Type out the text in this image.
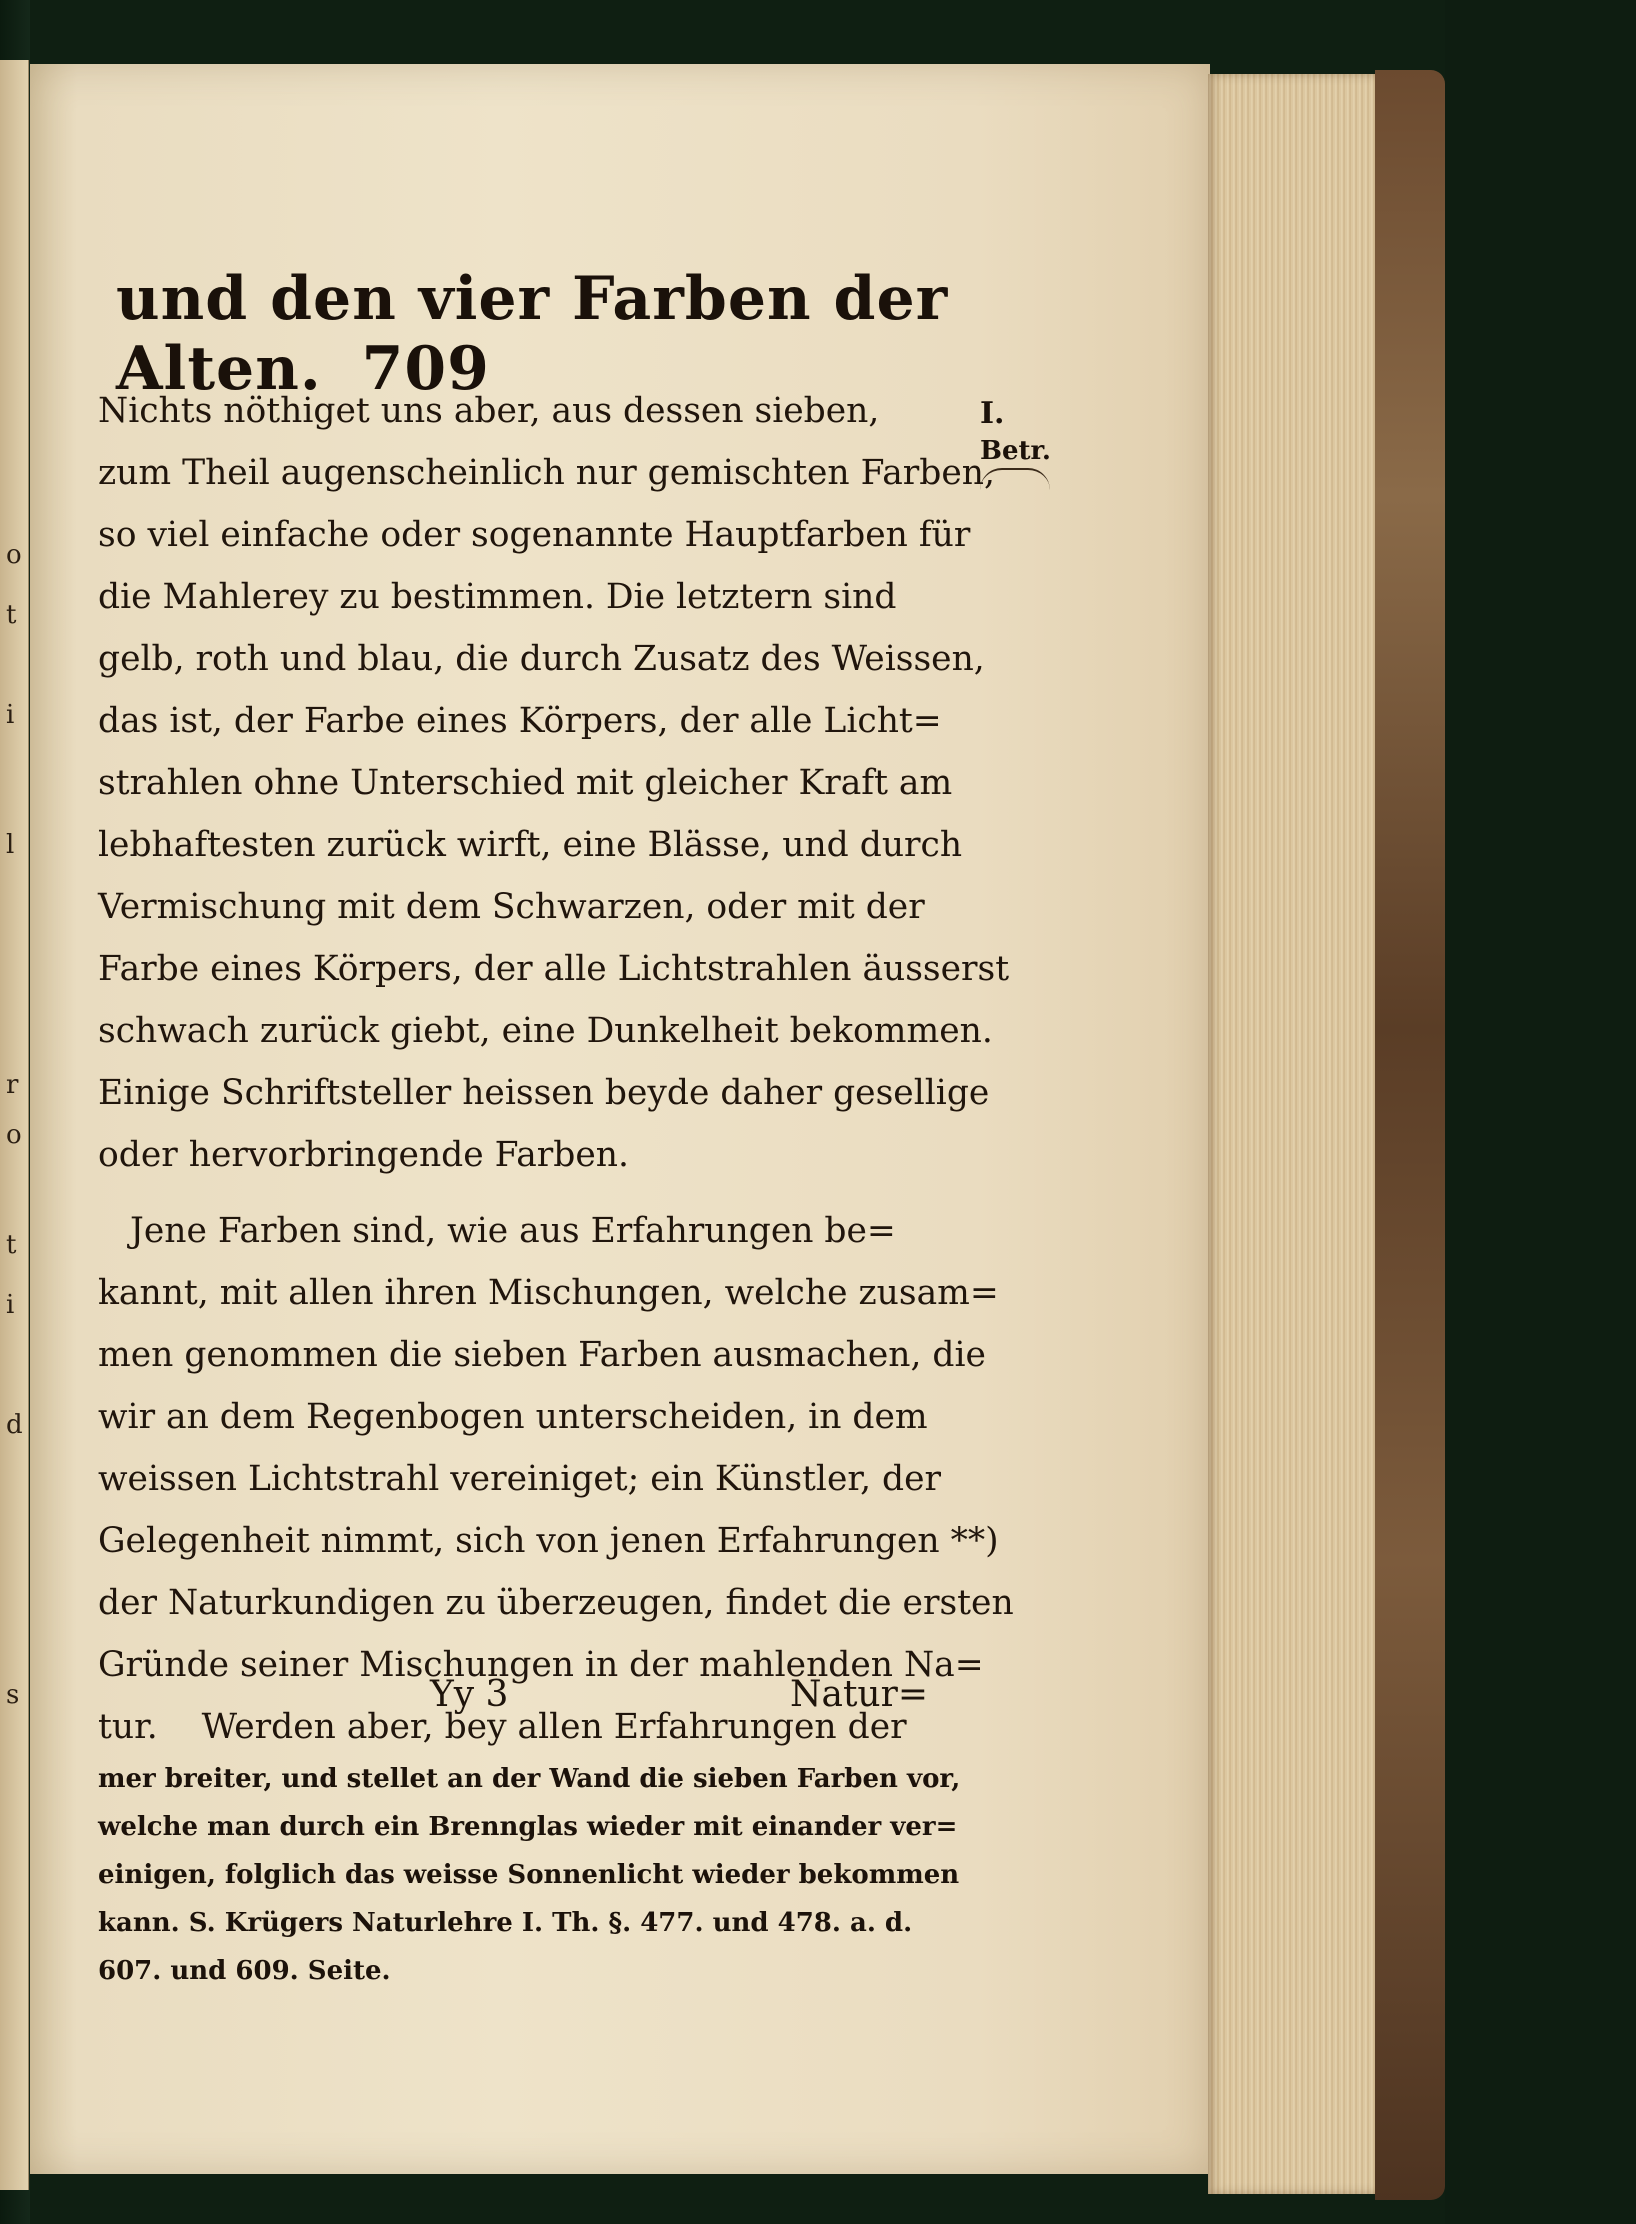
o
t
i
l
r
o
t
i
d
s
und den vier Farben der Alten. 709
I.
Betr.
Nichts nöthiget uns aber, aus dessen sieben,
zum Theil augenscheinlich nur gemischten Farben,
so viel einfache oder sogenannte Hauptfarben für
die Mahlerey zu bestimmen. Die letztern sind
gelb, roth und blau, die durch Zusatz des Weissen,
das ist, der Farbe eines Körpers, der alle Licht=
strahlen ohne Unterschied mit gleicher Kraft am
lebhaftesten zurück wirft, eine Blässe, und durch
Vermischung mit dem Schwarzen, oder mit der
Farbe eines Körpers, der alle Lichtstrahlen äusserst
schwach zurück giebt, eine Dunkelheit bekommen.
Einige Schriftsteller heissen beyde daher gesellige
oder hervorbringende Farben.
Jene Farben sind, wie aus Erfahrungen be=
kannt, mit allen ihren Mischungen, welche zusam=
men genommen die sieben Farben ausmachen, die
wir an dem Regenbogen unterscheiden, in dem
weissen Lichtstrahl vereiniget; ein Künstler, der
Gelegenheit nimmt, sich von jenen Erfahrungen **)
der Naturkundigen zu überzeugen, findet die ersten
Gründe seiner Mischungen in der mahlenden Na=
tur.    Werden aber, bey allen Erfahrungen der
Yy 3	Natur=
mer breiter, und stellet an der Wand die sieben Farben vor,
welche man durch ein Brennglas wieder mit einander ver=
einigen, folglich das weisse Sonnenlicht wieder bekommen
kann. S. Krügers Naturlehre I. Th. §. 477. und 478. a. d.
607. und 609. Seite.
